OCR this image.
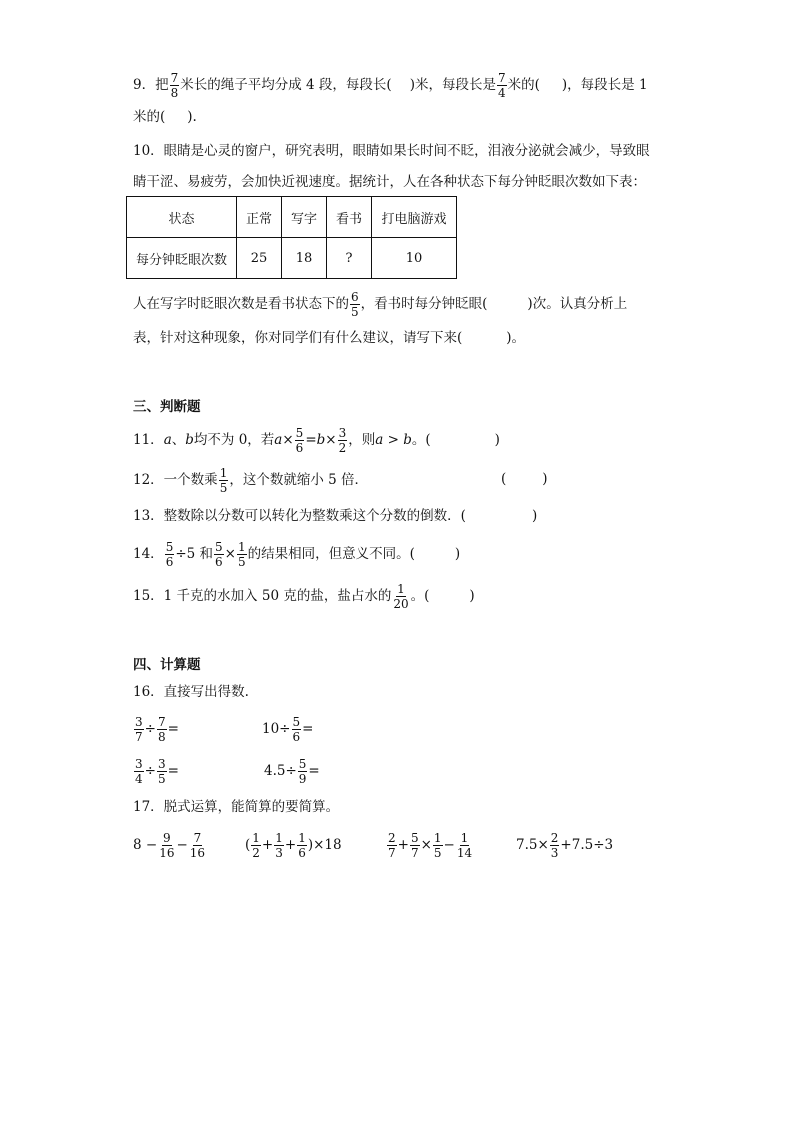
9．把 $\frac{7}{8}$ 米长的绳子平均分成 4 段，每段长( )米，每段长是 $\frac{7}{4}$ 米的( )，每段长是 1
米的( ).
10．眼睛是心灵的窗户，研究表明，眼睛如果长时间不眨，泪液分泌就会减少，导致眼
睛干涩、易疲劳，会加快近视速度。据统计，人在各种状态下每分钟眨眼次数如下表：
状态	正常	写字	看书	打电脑游戏
每分钟眨眼次数	25	18	?	10
人在写字时眨眼次数是看书状态下的 $\frac{6}{5}$ ，看书时每分钟眨眼(	)次。认真分析上
表，针对这种现象，你对同学们有什么建议，请写下来(	)。
三、判断题
11．a、b均不为 0，若$a\times \frac{5}{6} =b\times \frac{3}{2}$ ，则a > b。(	)
12．一个数乘 $\frac{1}{5}$ ，这个数就缩小 5 倍．	(	)
13．整数除以分数可以转化为整数乘这个分数的倒数．(	)
14． $\frac{5}{6} \div 5$ 和 $\frac{5}{6} \times \frac{1}{5}$ 的结果相同，但意义不同。(	)
15．1 千克的水加入 50 克的盐，盐占水的 $\frac{1}{20}$ 。(	)
四、计算题
16．直接写出得数.
$\frac{3}{7} \div \frac{7}{8}$ =	$10\div \frac{5}{6}$ =
$\frac{3}{4} \div \frac{3}{5}$ =	$4.5\div \frac{5}{9}$ =
17．脱式运算，能简算的要简算。
$8 - \frac{9}{16} - \frac{7}{16}$	( $\frac{1}{2} + \frac{1}{3} + \frac{1}{6} )\times 18$	$\frac{2}{7} + \frac{5}{7} \times \frac{1}{5} - \frac{1}{14}$	$7.5\times \frac{2}{3} +7.5\div 3$
